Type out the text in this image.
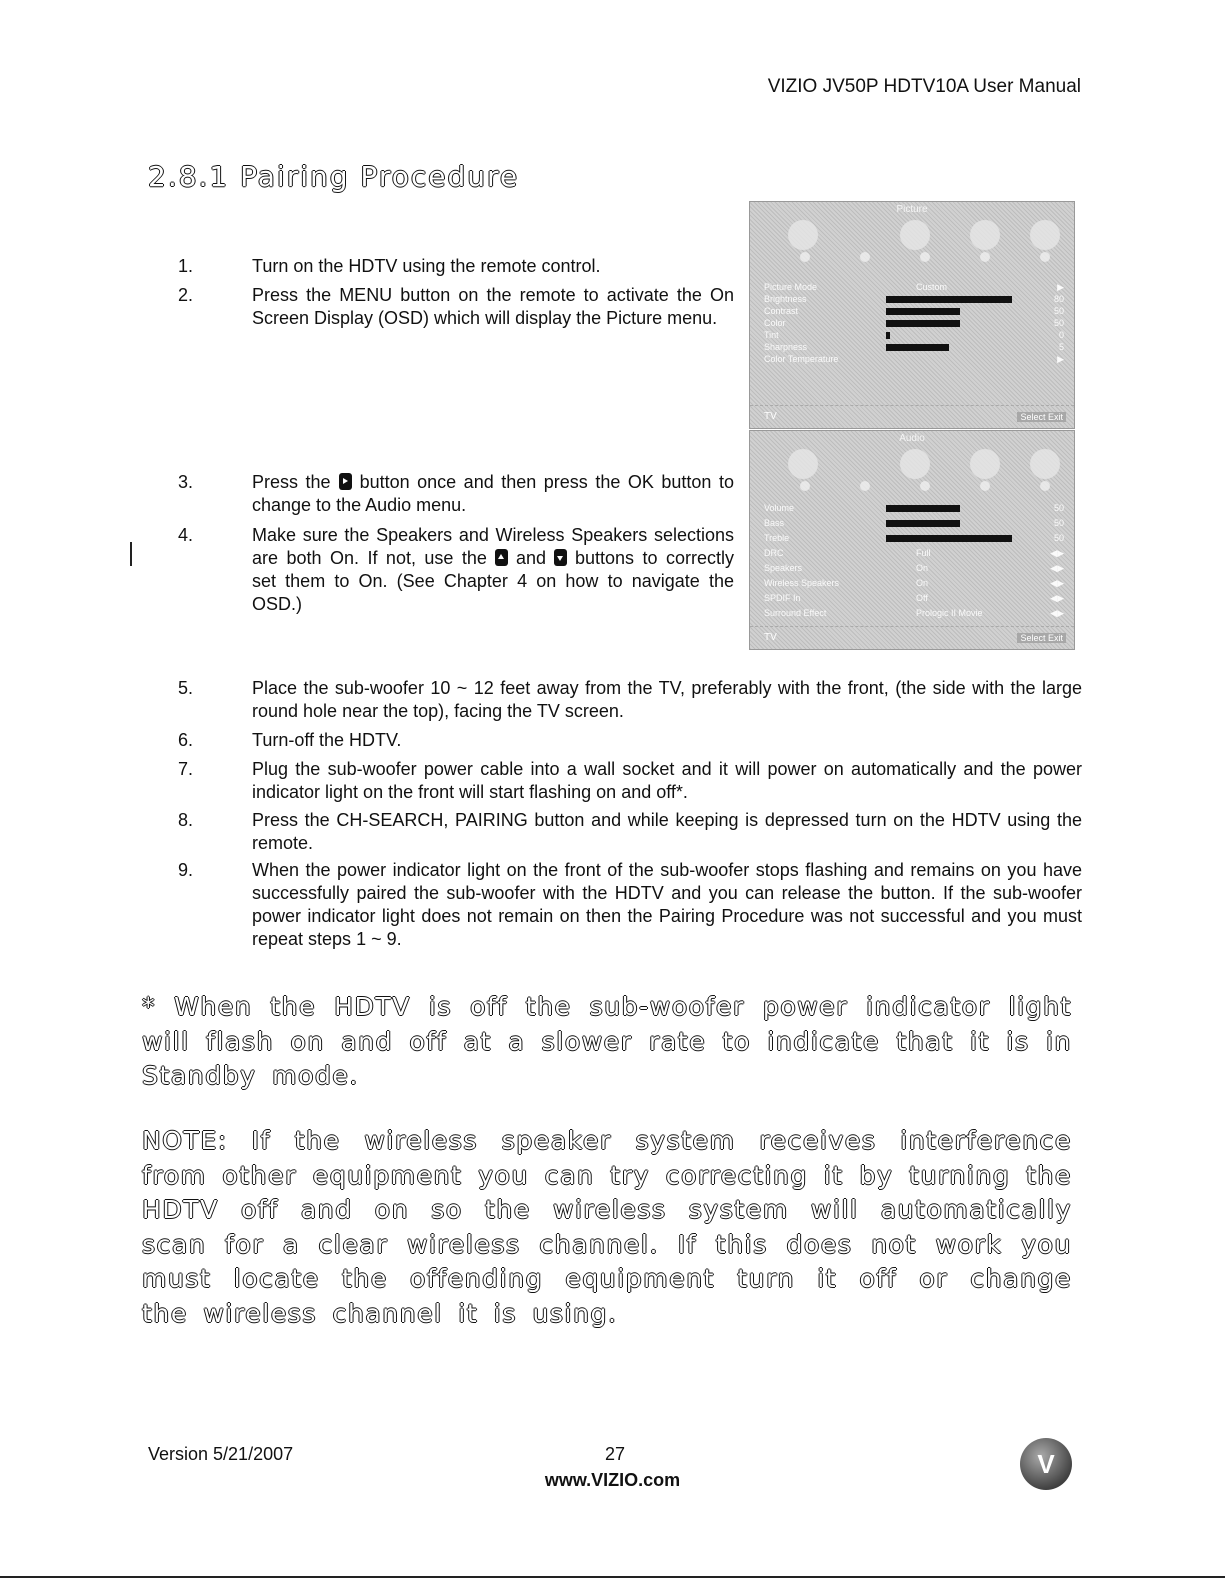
VIZIO JV50P HDTV10A User Manual
2.8.1 Pairing Procedure
1.	Turn on the HDTV using the remote control.
2.	Press the MENU button on the remote to activate the On Screen Display (OSD) which will display the Picture menu.
3.	Press the button once and then press the OK button to change to the Audio menu.
4.	Make sure the Speakers and Wireless Speakers selections are both On. If not, use the and buttons to correctly set them to On. (See Chapter 4 on how to navigate the OSD.)
Picture
Picture Mode	Custom	▶
Brightness	80
Contrast	50
Color	50
Tint	0
Sharpness	5
Color Temperature	▶
TV	Select Exit
Audio
Volume	50
Bass	50
Treble	50
DRC	Full	◀▶
Speakers	On	◀▶
Wireless Speakers	On	◀▶
SPDIF In	Off	◀▶
Surround Effect	Prologic II Movie	◀▶
TV	Select Exit
5.	Place the sub-woofer 10 ~ 12 feet away from the TV, preferably with the front, (the side with the large round hole near the top), facing the TV screen.
6.	Turn-off the HDTV.
7.	Plug the sub-woofer power cable into a wall socket and it will power on automatically and the power indicator light on the front will start flashing on and off*.
8.	Press the CH-SEARCH, PAIRING button and while keeping is depressed turn on the HDTV using the remote.
9.	When the power indicator light on the front of the sub-woofer stops flashing and remains on you have successfully paired the sub-woofer with the HDTV and you can release the button. If the sub-woofer power indicator light does not remain on then the Pairing Procedure was not successful and you must repeat steps 1 ~ 9.
* When the HDTV is off the sub-woofer power indicator light will flash on and off at a slower rate to indicate that it is in Standby mode.
NOTE: If the wireless speaker system receives interference from other equipment you can try correcting it by turning the HDTV off and on so the wireless system will automatically scan for a clear wireless channel. If this does not work you must locate the offending equipment turn it off or change the wireless channel it is using.
Version 5/21/2007	27
www.VIZIO.com
V
